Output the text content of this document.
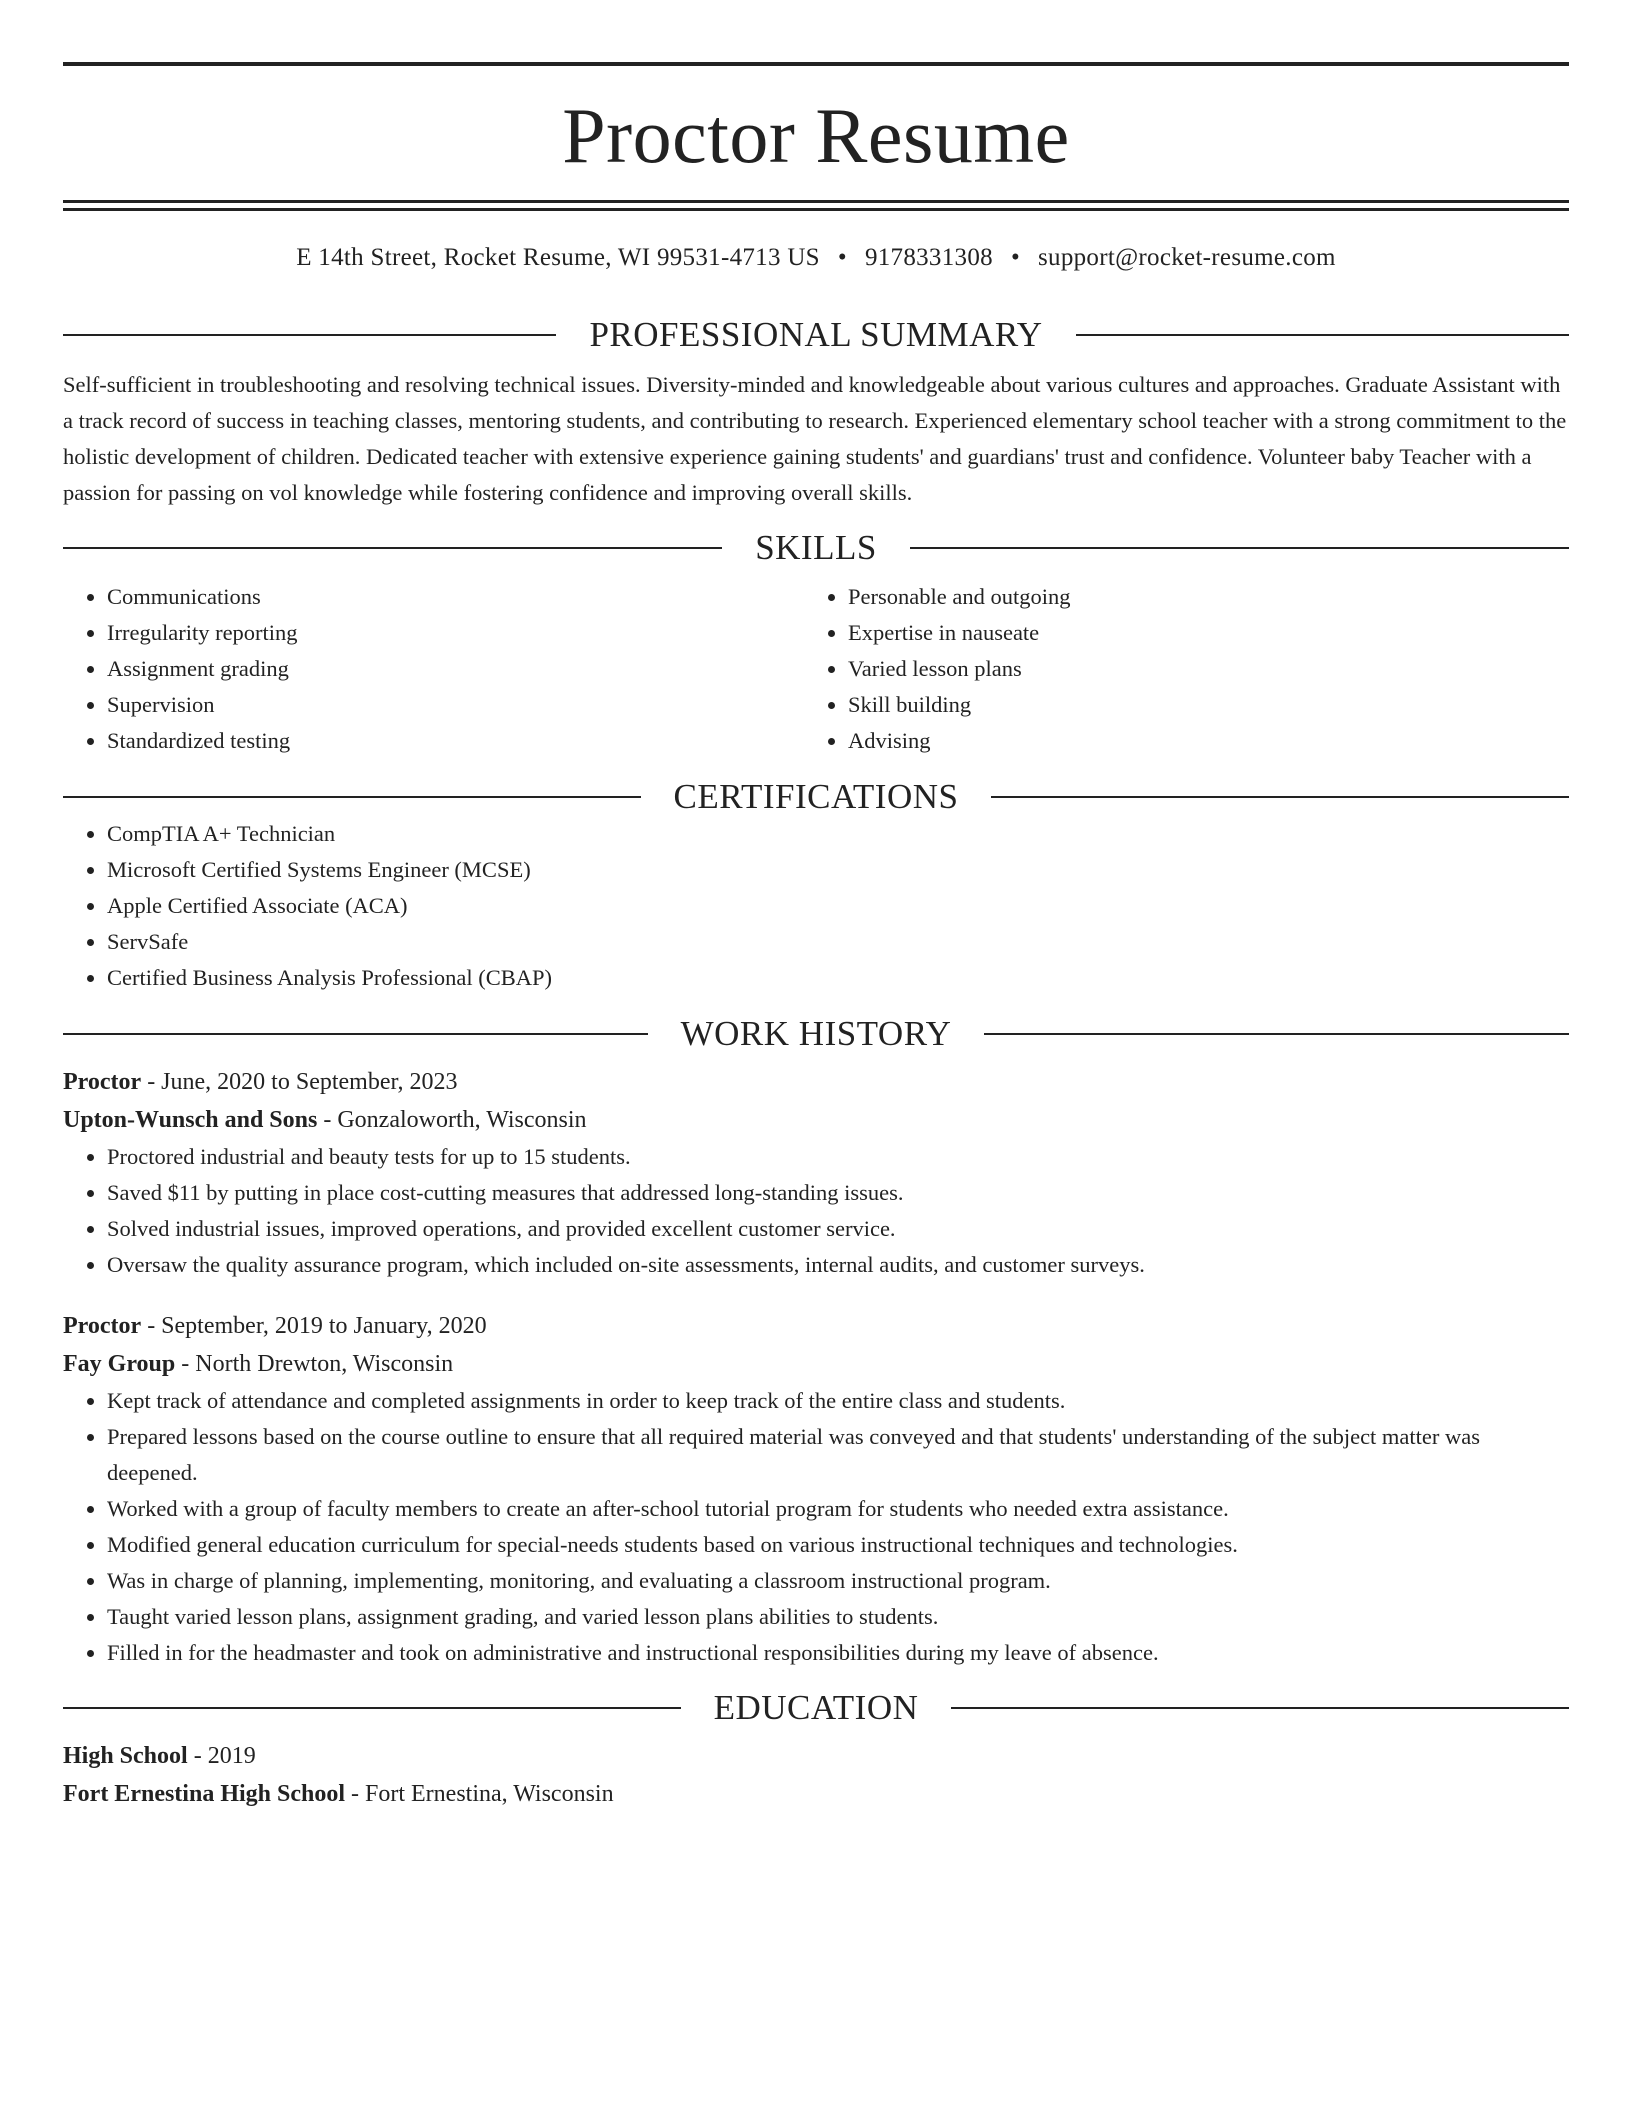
Proctor Resume
E 14th Street, Rocket Resume, WI 99531-4713 US • 9178331308 • support@rocket-resume.com
PROFESSIONAL SUMMARY

Self-sufficient in troubleshooting and resolving technical issues. Diversity-minded and knowledgeable about various cultures and approaches. Graduate Assistant with a track record of success in teaching classes, mentoring students, and contributing to research. Experienced elementary school teacher with a strong commitment to the holistic development of children. Dedicated teacher with extensive experience gaining students' and guardians' trust and confidence. Volunteer baby Teacher with a passion for passing on vol knowledge while fostering confidence and improving overall skills.

SKILLS
• Communications
• Irregularity reporting
• Assignment grading
• Supervision
• Standardized testing
• Personable and outgoing
• Expertise in nauseate
• Varied lesson plans
• Skill building
• Advising
CERTIFICATIONS
• CompTIA A+ Technician
• Microsoft Certified Systems Engineer (MCSE)
• Apple Certified Associate (ACA)
• ServSafe
• Certified Business Analysis Professional (CBAP)
WORK HISTORY
Proctor - June, 2020 to September, 2023
Upton-Wunsch and Sons - Gonzaloworth, Wisconsin
• Proctored industrial and beauty tests for up to 15 students.
• Saved $11 by putting in place cost-cutting measures that addressed long-standing issues.
• Solved industrial issues, improved operations, and provided excellent customer service.
• Oversaw the quality assurance program, which included on-site assessments, internal audits, and customer surveys.
Proctor - September, 2019 to January, 2020
Fay Group - North Drewton, Wisconsin
• Kept track of attendance and completed assignments in order to keep track of the entire class and students.
• Prepared lessons based on the course outline to ensure that all required material was conveyed and that students' understanding of the subject matter was deepened.
• Worked with a group of faculty members to create an after-school tutorial program for students who needed extra assistance.
• Modified general education curriculum for special-needs students based on various instructional techniques and technologies.
• Was in charge of planning, implementing, monitoring, and evaluating a classroom instructional program.
• Taught varied lesson plans, assignment grading, and varied lesson plans abilities to students.
• Filled in for the headmaster and took on administrative and instructional responsibilities during my leave of absence.
EDUCATION
High School - 2019
Fort Ernestina High School - Fort Ernestina, Wisconsin
